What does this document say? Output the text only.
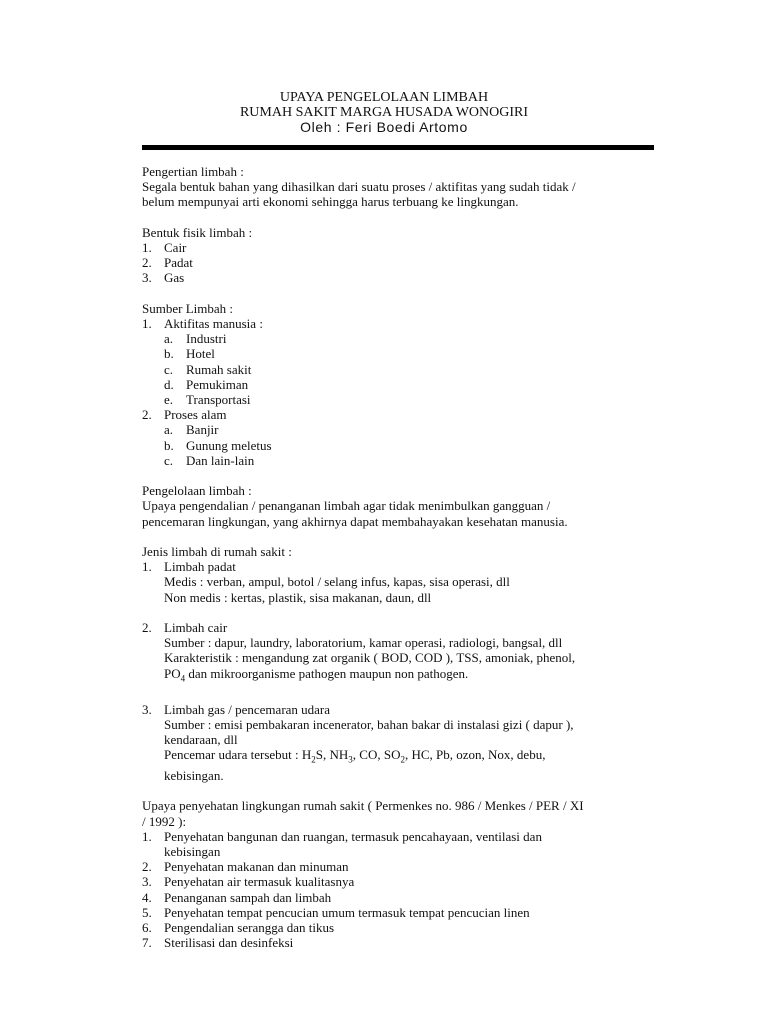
UPAYA PENGELOLAAN LIMBAH
RUMAH SAKIT MARGA HUSADA WONOGIRI
Oleh : Feri Boedi Artomo

Pengertian limbah :

Segala bentuk bahan yang dihasilkan dari suatu proses / aktifitas yang sudah tidak /

belum mempunyai arti ekonomi sehingga harus terbuang ke lingkungan.

Bentuk fisik limbah :

1. Cair
2. Padat
3. Gas

Sumber Limbah :

1. Aktifitas manusia :
a. Industri
b. Hotel
c. Rumah sakit
d. Pemukiman
e. Transportasi
2. Proses alam
a. Banjir
b. Gunung meletus
c. Dan lain-lain

Pengelolaan limbah :

Upaya pengendalian / penanganan limbah agar tidak menimbulkan gangguan /

pencemaran lingkungan, yang akhirnya dapat membahayakan kesehatan manusia.

Jenis limbah di rumah sakit :

1. Limbah padat

Medis : verban, ampul, botol / selang infus, kapas, sisa operasi, dll

Non medis : kertas, plastik, sisa makanan, daun, dll

2. Limbah cair

Sumber : dapur, laundry, laboratorium, kamar operasi, radiologi, bangsal, dll

Karakteristik : mengandung zat organik ( BOD, COD ), TSS, amoniak, phenol,

$PO_4$ dan mikroorganisme pathogen maupun non pathogen.

3. Limbah gas / pencemaran udara

Sumber : emisi pembakaran incenerator, bahan bakar di instalasi gizi ( dapur ),

kendaraan, dll

Pencemar udara tersebut : $H_2S$, $NH_3$, CO, $SO_2$, HC, Pb, ozon, Nox, debu,

kebisingan.

Upaya penyehatan lingkungan rumah sakit ( Permenkes no. 986 / Menkes / PER / XI

/ 1992 ):

1. Penyehatan bangunan dan ruangan, termasuk pencahayaan, ventilasi dan

kebisingan

2. Penyehatan makanan dan minuman
3. Penyehatan air termasuk kualitasnya
4. Penanganan sampah dan limbah
5. Penyehatan tempat pencucian umum termasuk tempat pencucian linen
6. Pengendalian serangga dan tikus
7. Sterilisasi dan desinfeksi
